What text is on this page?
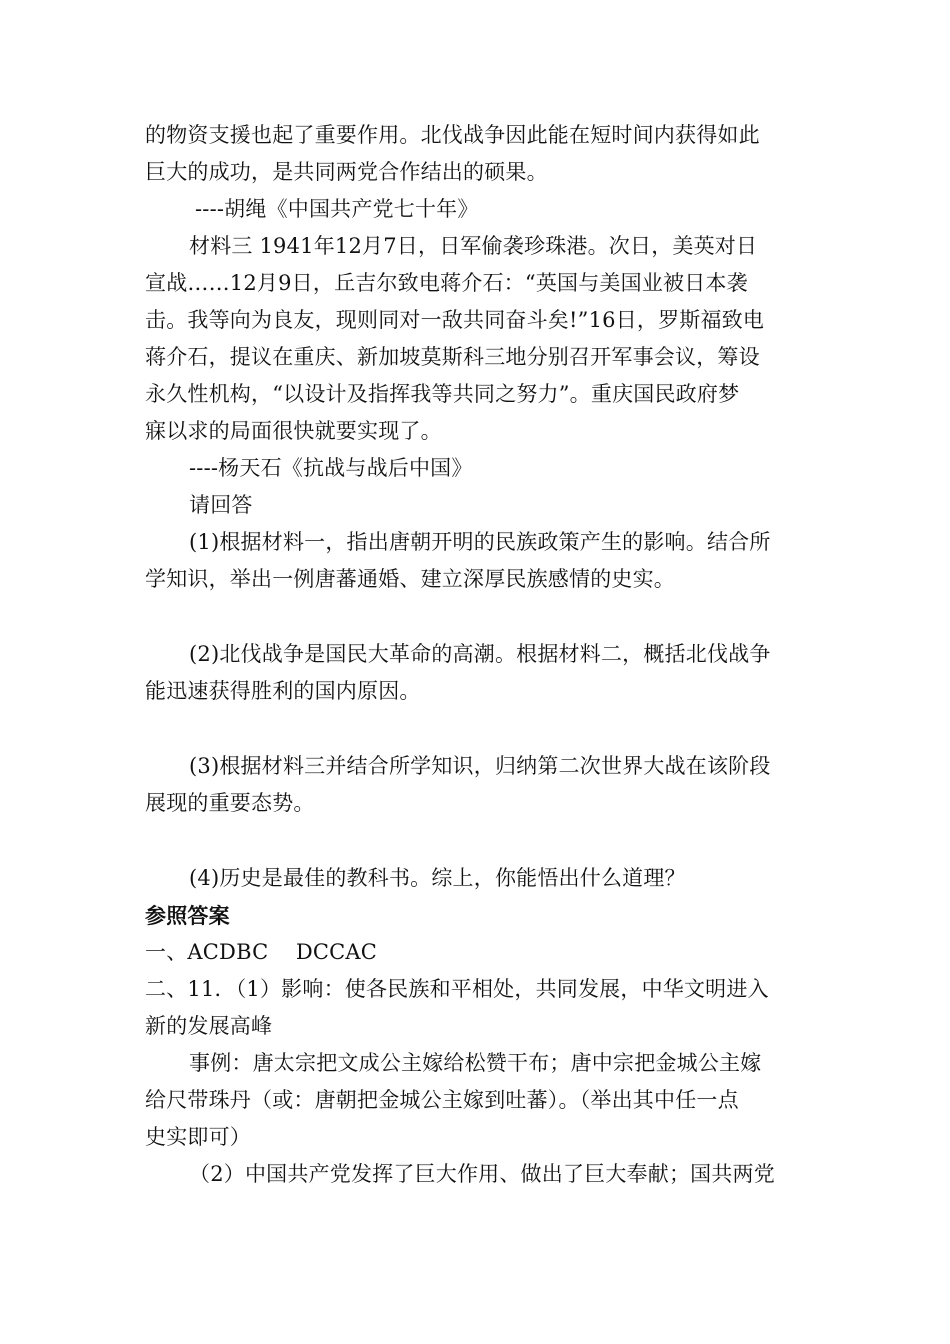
的物资支援也起了重要作用。北伐战争因此能在短时间内获得如此
巨大的成功，是共同两党合作结出的硕果。
----胡绳《中国共产党七十年》
材料三 1941年12月7日，日军偷袭珍珠港。次日，美英对日
宣战……12月9日，丘吉尔致电蒋介石：“英国与美国业被日本袭
击。我等向为良友，现则同对一敌共同奋斗矣!”16日，罗斯福致电
蒋介石，提议在重庆、新加坡莫斯科三地分别召开军事会议，筹设
永久性机构，“以设计及指挥我等共同之努力”。重庆国民政府梦
寐以求的局面很快就要实现了。
----杨天石《抗战与战后中国》
请回答
(1)根据材料一，指出唐朝开明的民族政策产生的影响。结合所
学知识，举出一例唐蕃通婚、建立深厚民族感情的史实。
(2)北伐战争是国民大革命的高潮。根据材料二，概括北伐战争
能迅速获得胜利的国内原因。
(3)根据材料三并结合所学知识，归纳第二次世界大战在该阶段
展现的重要态势。
(4)历史是最佳的教科书。综上，你能悟出什么道理？
参照答案
一、ACDBC    DCCAC
二、11．（1）影响：使各民族和平相处，共同发展，中华文明进入
新的发展高峰
事例：唐太宗把文成公主嫁给松赞干布；唐中宗把金城公主嫁
给尺带珠丹（或：唐朝把金城公主嫁到吐蕃）。（举出其中任一点
史实即可）
（2）中国共产党发挥了巨大作用、做出了巨大奉献；国共两党
